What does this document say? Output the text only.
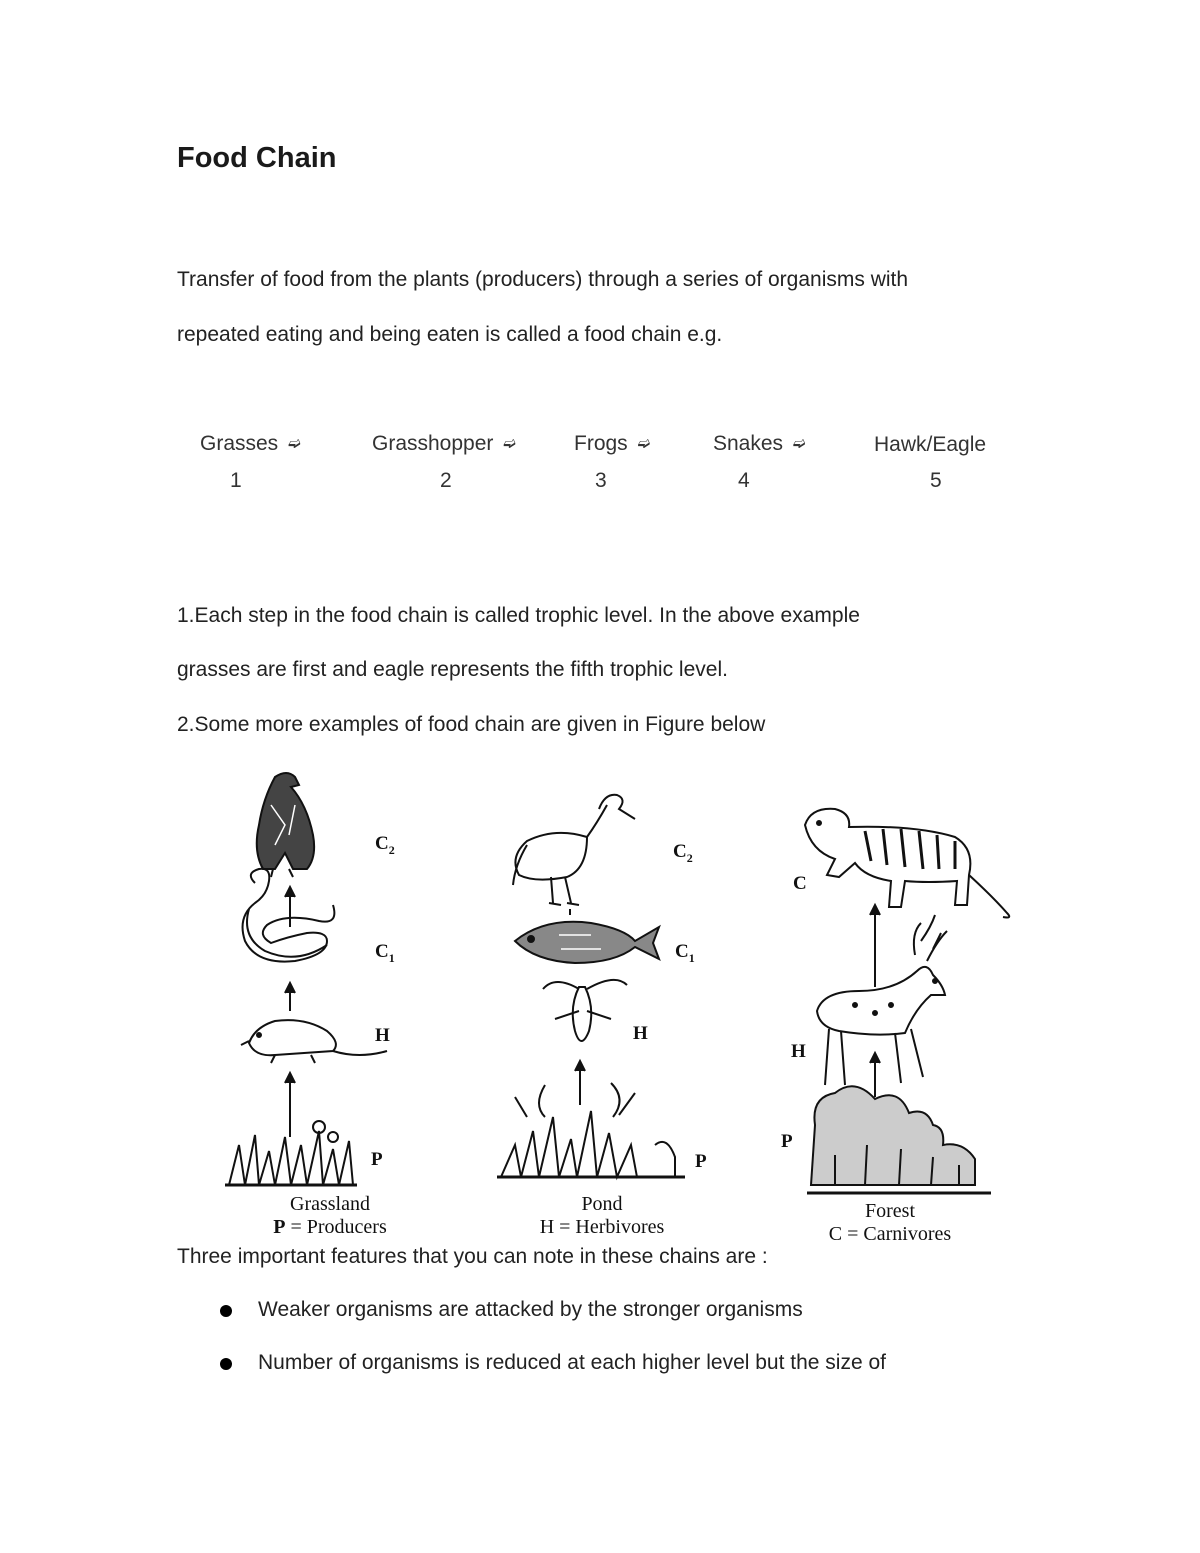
Food Chain
Transfer of food from the plants (producers) through a series of organisms with
repeated eating and being eaten is called a food chain e.g.
Grasses ➫	Grasshopper ➫	Frogs ➫	Snakes ➫	Hawk/Eagle
1	2	3	4	5
1.Each step in the food chain is called trophic level. In the above example
grasses are first and eagle represents the fifth trophic level.
2.Some more examples of food chain are given in Figure below
$C_2$
$C_1$
H
P
$C_2$
$C_1$
H
P
C
H
P
Grassland
P = Producers
Pond
H = Herbivores
Forest
C = Carnivores
Three important features that you can note in these chains are :
Weaker organisms are attacked by the stronger organisms
Number of organisms is reduced at each higher level but the size of
